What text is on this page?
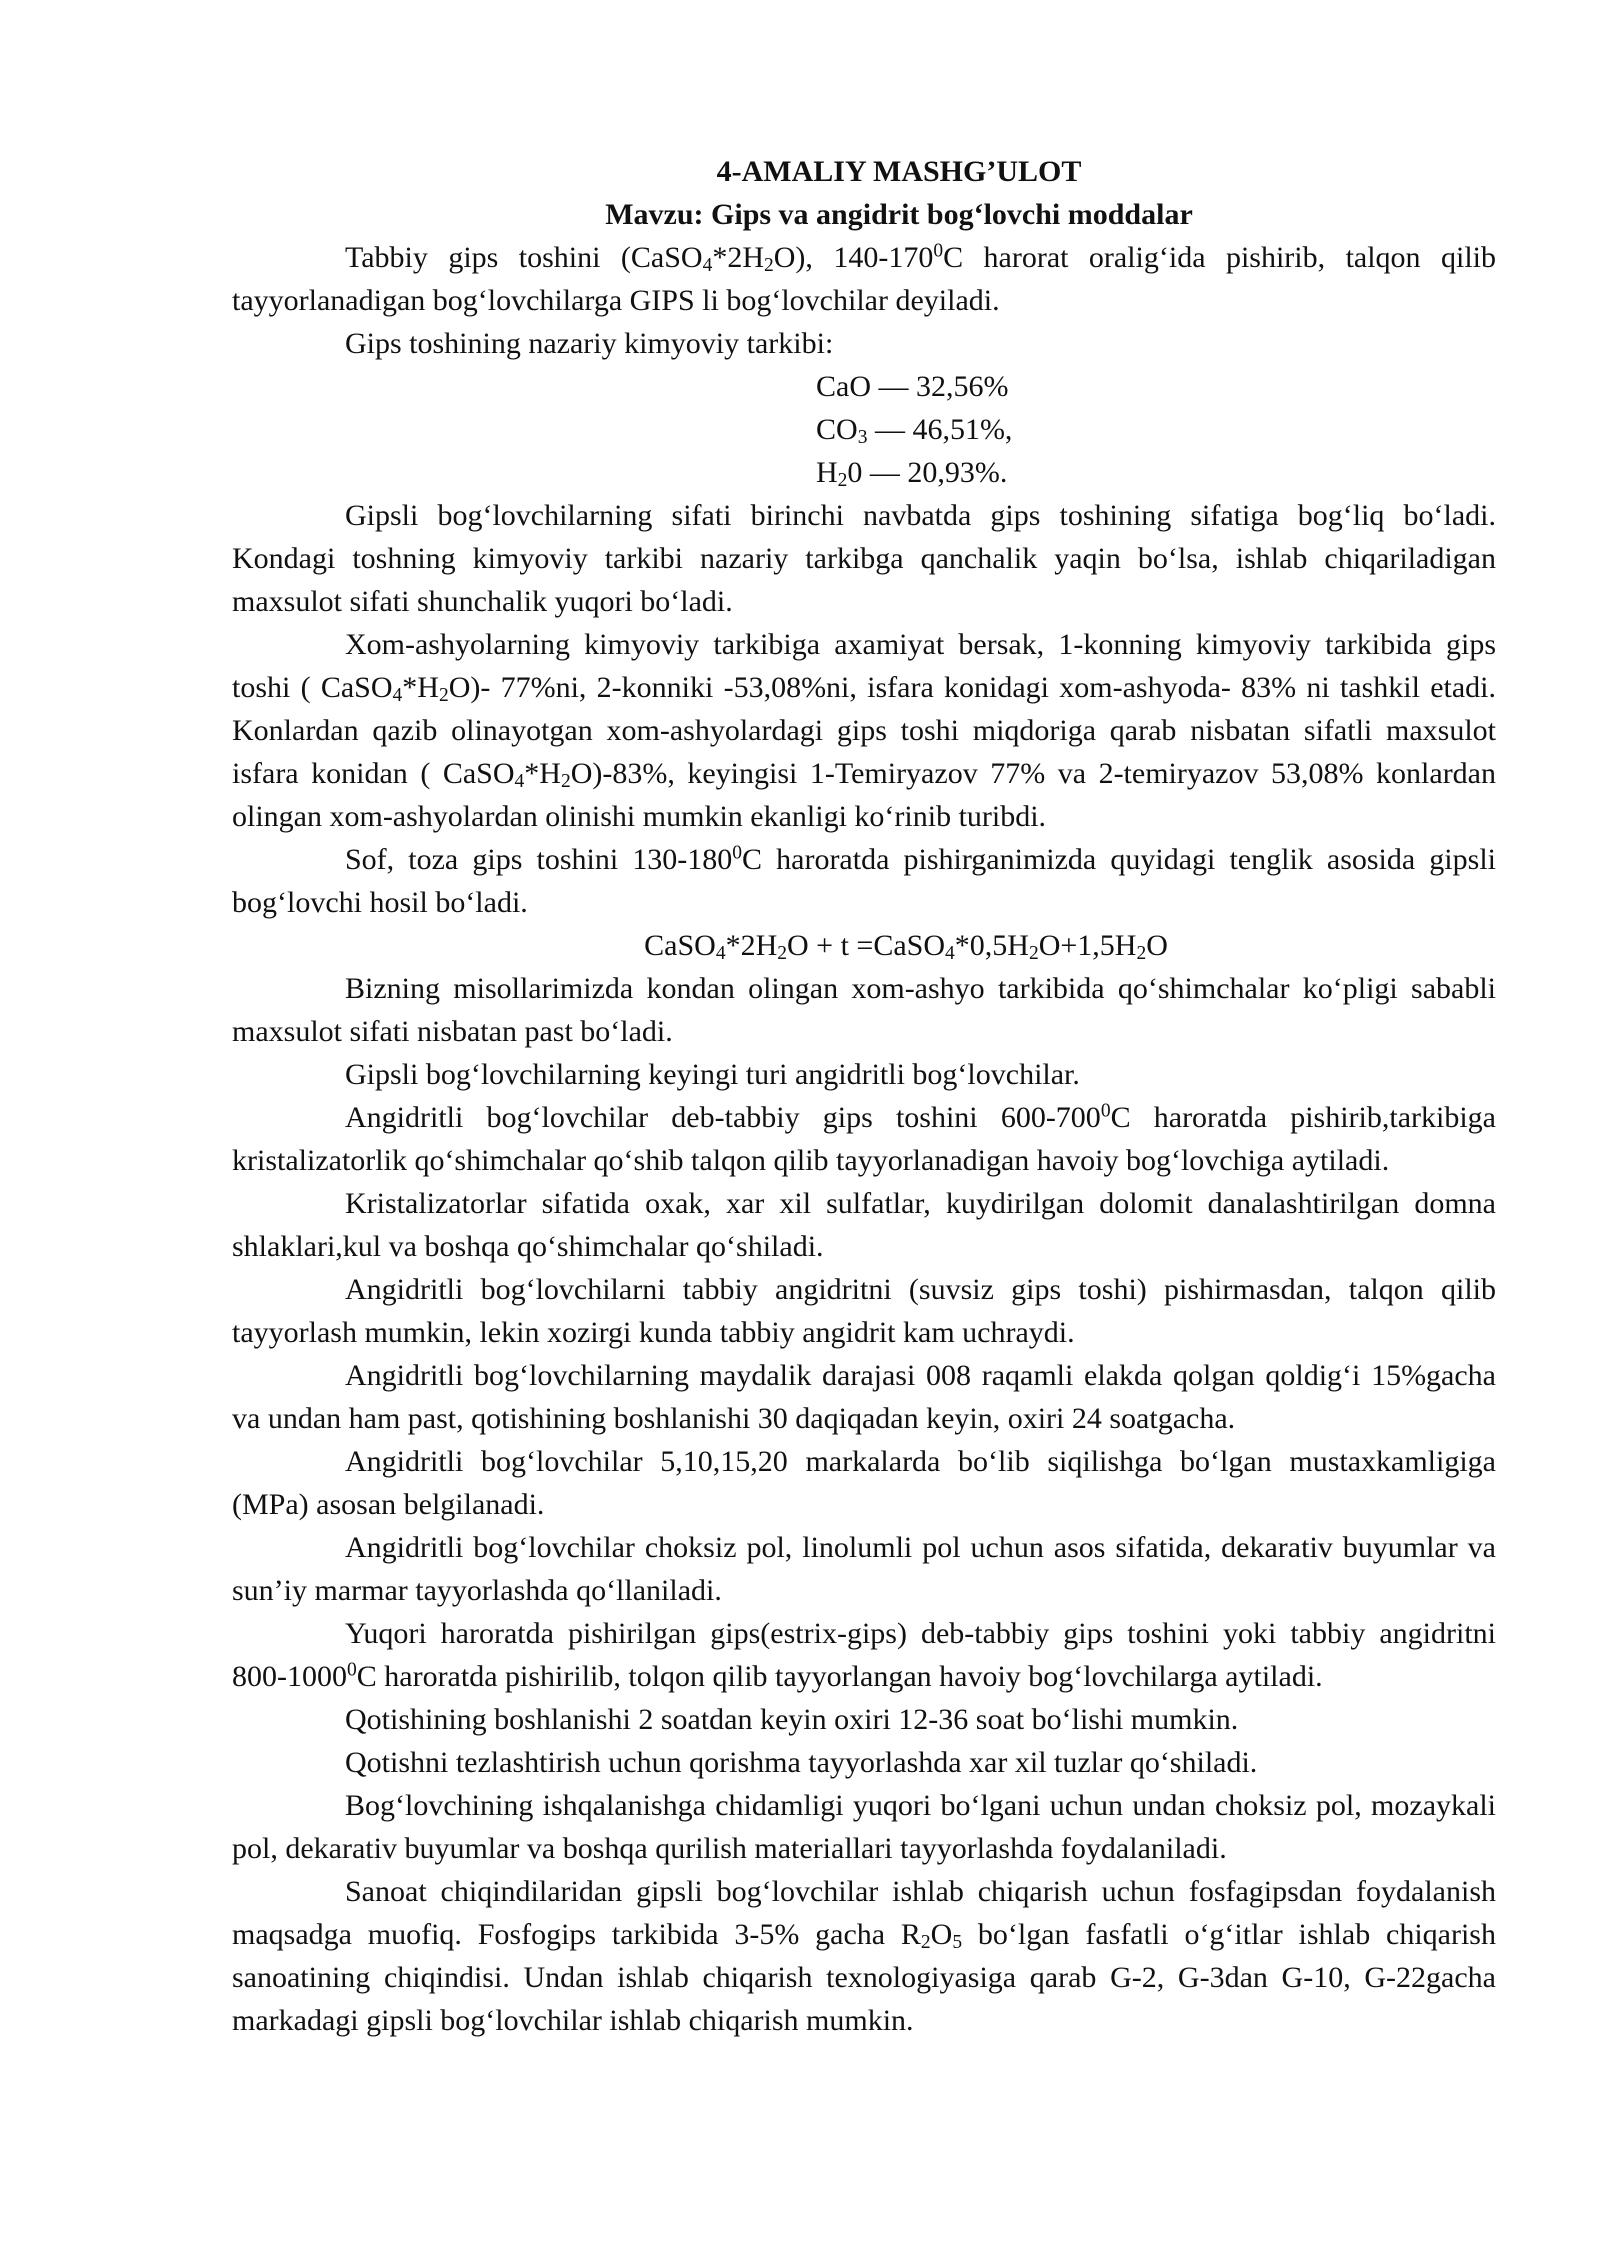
4-AMALIY MASHG’ULOT

Mavzu: Gips va angidrit bog‘lovchi moddalar

Tabbiy gips toshini $(CaSO_4*2H_2O)$, $140-170^0C$ harorat oralig‘ida pishirib, talqon qilib tayyorlanadigan bog‘lovchilarga GIPS li bog‘lovchilar deyiladi.

Gips toshining nazariy kimyoviy tarkibi:

CaO — 32,56%

$CO_3$ — 46,51%,

$H_20$ — 20,93%.

Gipsli bog‘lovchilarning sifati birinchi navbatda gips toshining sifatiga bog‘liq bo‘ladi. Kondagi toshning kimyoviy tarkibi nazariy tarkibga qanchalik yaqin bo‘lsa, ishlab chiqariladigan maxsulot sifati shunchalik yuqori bo‘ladi.

Xom-ashyolarning kimyoviy tarkibiga axamiyat bersak, 1-konning kimyoviy tarkibida gips toshi ( $CaSO_4*H_2O)-$ 77%ni, 2-konniki -53,08%ni, isfara konidagi xom-ashyoda- 83% ni tashkil etadi. Konlardan qazib olinayotgan xom-ashyolardagi gips toshi miqdoriga qarab nisbatan sifatli maxsulot isfara konidan ( $CaSO_4*H_2O)-83\%$, keyingisi 1-Temiryazov 77% va 2-temiryazov 53,08% konlardan olingan xom-ashyolardan olinishi mumkin ekanligi ko‘rinib turibdi.

Sof, toza gips toshini $130-180^0C$ haroratda pishirganimizda quyidagi tenglik asosida gipsli bog‘lovchi hosil bo‘ladi.

$CaSO_4*2H_2O + t$ $=CaSO_4*0,5H_2O+1,5H_2O$

Bizning misollarimizda kondan olingan xom-ashyo tarkibida qo‘shimchalar ko‘pligi sababli maxsulot sifati nisbatan past bo‘ladi.

Gipsli bog‘lovchilarning keyingi turi angidritli bog‘lovchilar.

Angidritli bog‘lovchilar deb-tabbiy gips toshini $600-700^0C$ haroratda pishirib,tarkibiga kristalizatorlik qo‘shimchalar qo‘shib talqon qilib tayyorlanadigan havoiy bog‘lovchiga aytiladi.

Kristalizatorlar sifatida oxak, xar xil sulfatlar, kuydirilgan dolomit danalashtirilgan domna shlaklari,kul va boshqa qo‘shimchalar qo‘shiladi.

Angidritli bog‘lovchilarni tabbiy angidritni (suvsiz gips toshi) pishirmasdan, talqon qilib tayyorlash mumkin, lekin xozirgi kunda tabbiy angidrit kam uchraydi.

Angidritli bog‘lovchilarning maydalik darajasi 008 raqamli elakda qolgan qoldig‘i 15%gacha va undan ham past, qotishining boshlanishi 30 daqiqadan keyin, oxiri 24 soatgacha.

Angidritli bog‘lovchilar 5,10,15,20 markalarda bo‘lib siqilishga bo‘lgan mustaxkamligiga (MPa) asosan belgilanadi.

Angidritli bog‘lovchilar choksiz pol, linolumli pol uchun asos sifatida, dekarativ buyumlar va sun’iy marmar tayyorlashda qo‘llaniladi.

Yuqori haroratda pishirilgan gips(estrix-gips) deb-tabbiy gips toshini yoki tabbiy angidritni 800-1000$^0$C haroratda pishirilib, tolqon qilib tayyorlangan havoiy bog‘lovchilarga aytiladi.

Qotishining boshlanishi 2 soatdan keyin oxiri 12-36 soat bo‘lishi mumkin.

Qotishni tezlashtirish uchun qorishma tayyorlashda xar xil tuzlar qo‘shiladi.

Bog‘lovchining ishqalanishga chidamligi yuqori bo‘lgani uchun undan choksiz pol, mozaykali pol, dekarativ buyumlar va boshqa qurilish materiallari tayyorlashda foydalaniladi.

Sanoat chiqindilaridan gipsli bog‘lovchilar ishlab chiqarish uchun fosfagipsdan foydalanish maqsadga muofiq. Fosfogips tarkibida 3-5% gacha $R_2O_5$ bo‘lgan fasfatli o‘g‘itlar ishlab chiqarish sanoatining chiqindisi. Undan ishlab chiqarish texnologiyasiga qarab G-2, G-3dan G-10, G-22gacha markadagi gipsli bog‘lovchilar ishlab chiqarish mumkin.
